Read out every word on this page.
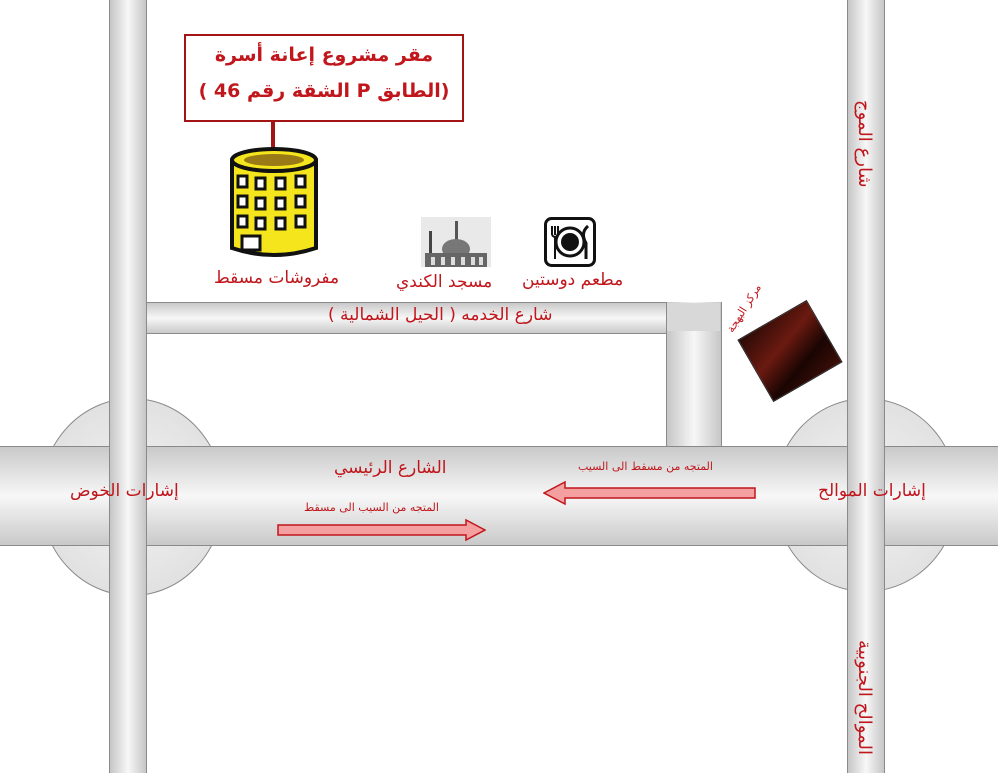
مقر مشروع إعانة أسرة
(الطابق P الشقة رقم 46 )
مفروشات مسقط	مسجد الكندي مطعم دوستين
شارع الخدمه ( الحيل الشمالية )	مركز البهجة
الشارع الرئيسي
إشارات الخوض	إشارات الموالح
المتجه من مسقط الى السيب
المتجه من السيب الى مسقط
شارع الموج
الموالح الجنوبية
